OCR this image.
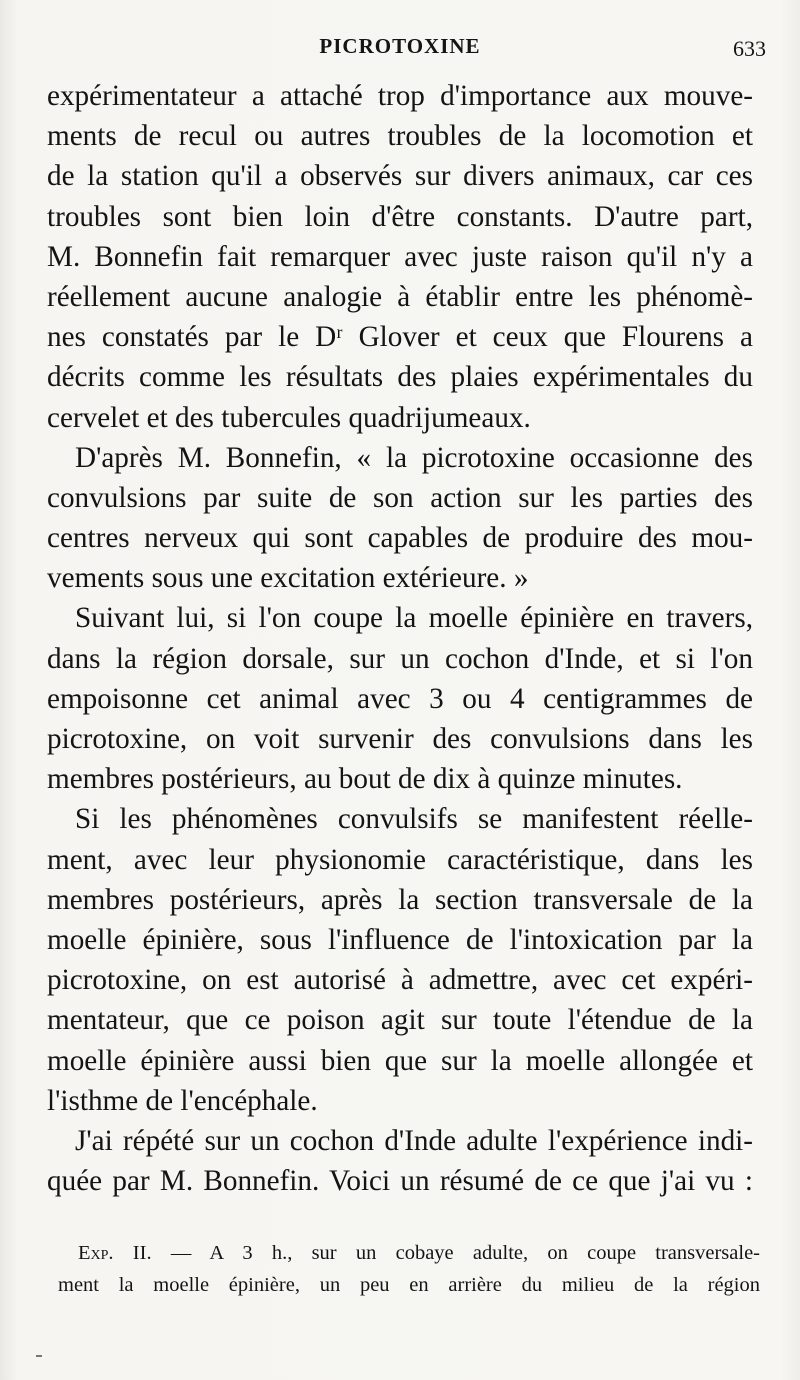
PICROTOXINE	633
expérimentateur a attaché trop d'importance aux mouve-
ments de recul ou autres troubles de la locomotion et
de la station qu'il a observés sur divers animaux, car ces
troubles sont bien loin d'être constants. D'autre part,
M. Bonnefin fait remarquer avec juste raison qu'il n'y a
réellement aucune analogie à établir entre les phénomè-
nes constatés par le Dʳ Glover et ceux que Flourens a
décrits comme les résultats des plaies expérimentales du
cervelet et des tubercules quadrijumeaux.
D'après M. Bonnefin, « la picrotoxine occasionne des
convulsions par suite de son action sur les parties des
centres nerveux qui sont capables de produire des mou-
vements sous une excitation extérieure. »
Suivant lui, si l'on coupe la moelle épinière en travers,
dans la région dorsale, sur un cochon d'Inde, et si l'on
empoisonne cet animal avec 3 ou 4 centigrammes de
picrotoxine, on voit survenir des convulsions dans les
membres postérieurs, au bout de dix à quinze minutes.
Si les phénomènes convulsifs se manifestent réelle-
ment, avec leur physionomie caractéristique, dans les
membres postérieurs, après la section transversale de la
moelle épinière, sous l'influence de l'intoxication par la
picrotoxine, on est autorisé à admettre, avec cet expéri-
mentateur, que ce poison agit sur toute l'étendue de la
moelle épinière aussi bien que sur la moelle allongée et
l'isthme de l'encéphale.
J'ai répété sur un cochon d'Inde adulte l'expérience indi-
quée par M. Bonnefin. Voici un résumé de ce que j'ai vu :
Exp. II. — A 3 h., sur un cobaye adulte, on coupe transversale-
ment la moelle épinière, un peu en arrière du milieu de la région
